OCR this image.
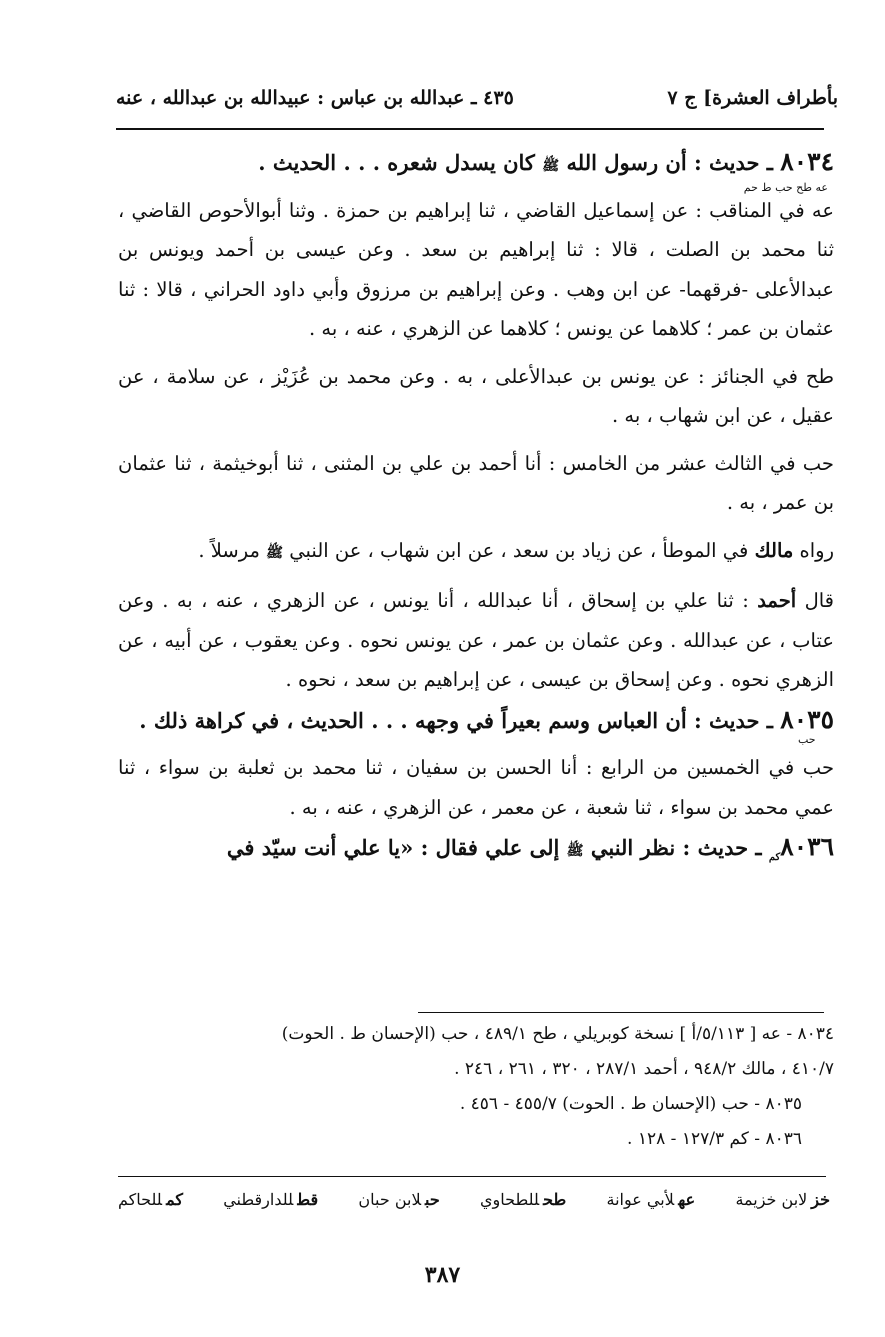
بأطراف العشرة] ج ٧
٤٣٥ ـ عبدالله بن عباس : عبيدالله بن عبدالله ، عنه

٨٠٣٤ ـ حديث : أن رسول الله ﷺ كان يسدل شعره . . . الحديث .

عه طح حب ط حم

عه في المناقب : عن إسماعيل القاضي ، ثنا إبراهيم بن حمزة . وثنا أبوالأحوص القاضي ، ثنا محمد بن الصلت ، قالا : ثنا إبراهيم بن سعد . وعن عيسى بن أحمد ويونس بن عبدالأعلى -فرقهما- عن ابن وهب . وعن إبراهيم بن مرزوق وأبي داود الحراني ، قالا : ثنا عثمان بن عمر ؛ كلاهما عن يونس ؛ كلاهما عن الزهري ، عنه ، به .

طح في الجنائز : عن يونس بن عبدالأعلى ، به . وعن محمد بن عُزَيْز ، عن سلامة ، عن عقيل ، عن ابن شهاب ، به .

حب في الثالث عشر من الخامس : أنا أحمد بن علي بن المثنى ، ثنا أبوخيثمة ، ثنا عثمان بن عمر ، به .

رواه مالك في الموطأ ، عن زياد بن سعد ، عن ابن شهاب ، عن النبي ﷺ مرسلاً .

قال أحمد : ثنا علي بن إسحاق ، أنا عبدالله ، أنا يونس ، عن الزهري ، عنه ، به . وعن عتاب ، عن عبدالله . وعن عثمان بن عمر ، عن يونس نحوه . وعن يعقوب ، عن أبيه ، عن الزهري نحوه . وعن إسحاق بن عيسى ، عن إبراهيم بن سعد ، نحوه .

٨٠٣٥ ـ حديث : أن العباس وسم بعيراً في وجهه . . . الحديث ، في كراهة ذلك .

حب

حب في الخمسين من الرابع : أنا الحسن بن سفيان ، ثنا محمد بن ثعلبة بن سواء ، ثنا عمي محمد بن سواء ، ثنا شعبة ، عن معمر ، عن الزهري ، عنه ، به .

$٨٠٣٦_{كم}$ ـ حديث : نظر النبي ﷺ إلى علي فقال : «يا علي أنت سيّد في

٨٠٣٤ - عه [ ٥/١١٣/أ ] نسخة كوبريلي ، طح ٤٨٩/١ ، حب (الإحسان ط . الحوت)

٤١٠/٧ ، مالك ٩٤٨/٢ ، أحمد ٢٨٧/١ ، ٣٢٠ ، ٢٦١ ، ٢٤٦ .

٨٠٣٥ - حب (الإحسان ط . الحوت) ٤٥٥/٧ - ٤٥٦ .

٨٠٣٦ - كم ١٢٧/٣ - ١٢٨ .

خزلابن خزيمة
عهلأبي عوانة
طحللطحاوي
حبلابن حبان
قطللدارقطني
كمللحاكم
٣٨٧
